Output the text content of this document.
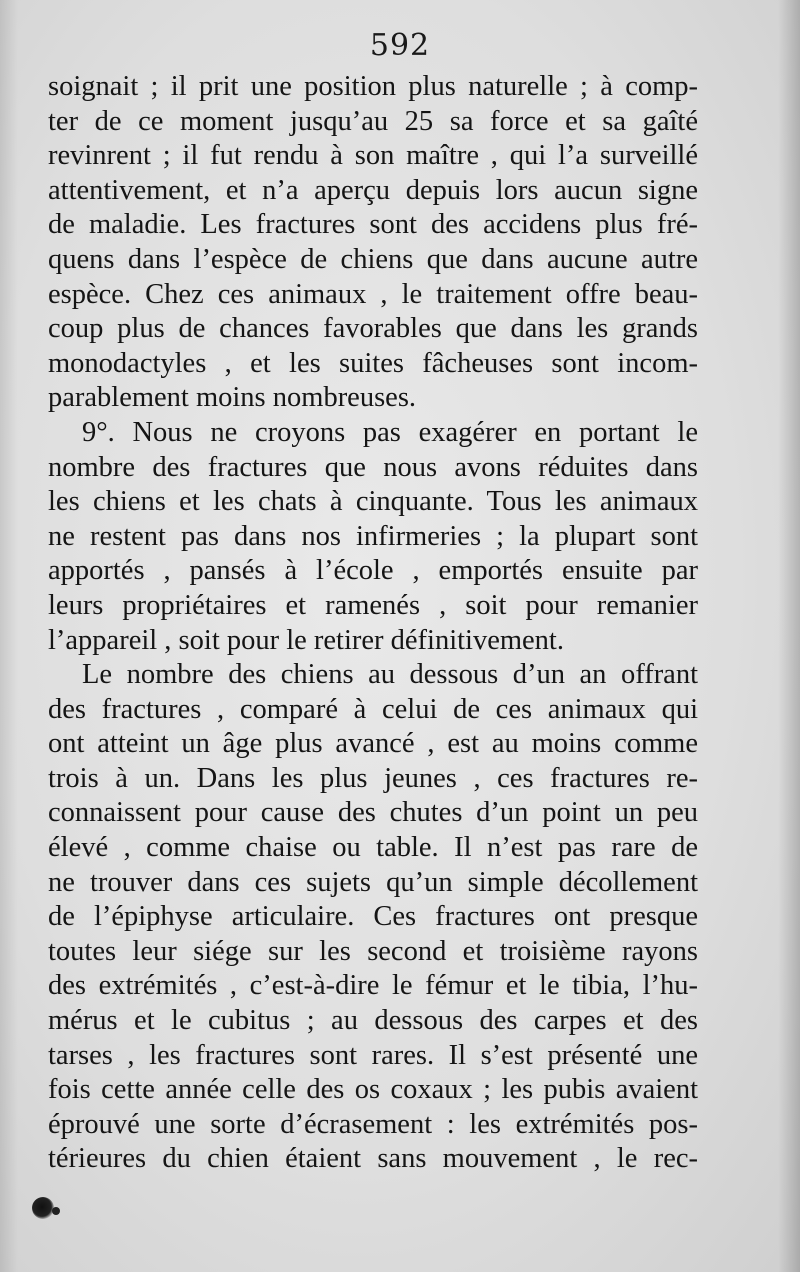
592
soignait ; il prit une position plus naturelle ; à comp-
ter de ce moment jusqu’au 25 sa force et sa gaîté
revinrent ; il fut rendu à son maître , qui l’a surveillé
attentivement, et n’a aperçu depuis lors aucun signe
de maladie. Les fractures sont des accidens plus fré-
quens dans l’espèce de chiens que dans aucune autre
espèce. Chez ces animaux , le traitement offre beau-
coup plus de chances favorables que dans les grands
monodactyles , et les suites fâcheuses sont incom-
parablement moins nombreuses.
9°. Nous ne croyons pas exagérer en portant le
nombre des fractures que nous avons réduites dans
les chiens et les chats à cinquante. Tous les animaux
ne restent pas dans nos infirmeries ; la plupart sont
apportés , pansés à l’école , emportés ensuite par
leurs propriétaires et ramenés , soit pour remanier
l’appareil , soit pour le retirer définitivement.
Le nombre des chiens au dessous d’un an offrant
des fractures , comparé à celui de ces animaux qui
ont atteint un âge plus avancé , est au moins comme
trois à un. Dans les plus jeunes , ces fractures re-
connaissent pour cause des chutes d’un point un peu
élevé , comme chaise ou table. Il n’est pas rare de
ne trouver dans ces sujets qu’un simple décollement
de l’épiphyse articulaire. Ces fractures ont presque
toutes leur siége sur les second et troisième rayons
des extrémités , c’est-à-dire le fémur et le tibia, l’hu-
mérus et le cubitus ; au dessous des carpes et des
tarses , les fractures sont rares. Il s’est présenté une
fois cette année celle des os coxaux ; les pubis avaient
éprouvé une sorte d’écrasement : les extrémités pos-
térieures du chien étaient sans mouvement , le rec-
